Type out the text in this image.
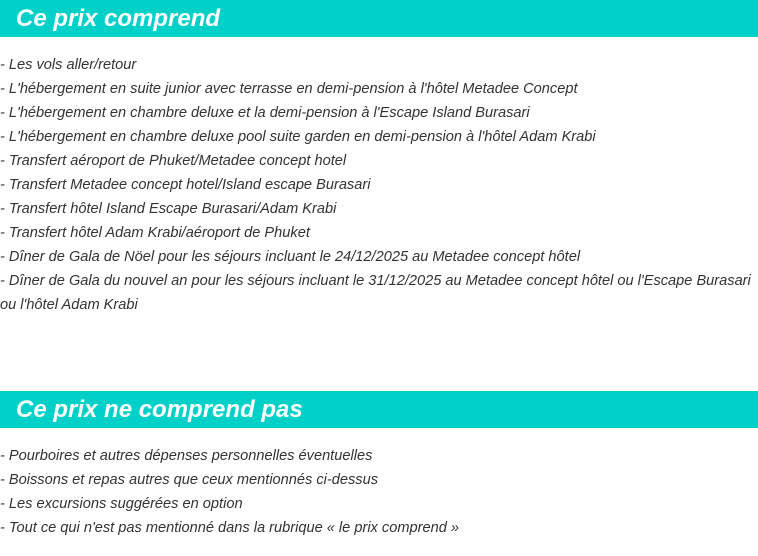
Ce prix comprend
- Les vols aller/retour
- L'hébergement en suite junior avec terrasse en demi-pension à l'hôtel Metadee Concept
- L'hébergement en chambre deluxe et la demi-pension à l'Escape Island Burasari
- L'hébergement en chambre deluxe pool suite garden en demi-pension à l'hôtel Adam Krabi
- Transfert aéroport de Phuket/Metadee concept hotel
- Transfert Metadee concept hotel/Island escape Burasari
- Transfert hôtel Island Escape Burasari/Adam Krabi
- Transfert hôtel Adam Krabi/aéroport de Phuket
- Dîner de Gala de Nöel pour les séjours incluant le 24/12/2025 au Metadee concept hôtel
- Dîner de Gala du nouvel an pour les séjours incluant le 31/12/2025 au Metadee concept hôtel ou l'Escape Burasari ou l'hôtel Adam Krabi
Ce prix ne comprend pas
- Pourboires et autres dépenses personnelles éventuelles
- Boissons et repas autres que ceux mentionnés ci-dessus
- Les excursions suggérées en option
- Tout ce qui n'est pas mentionné dans la rubrique « le prix comprend »
